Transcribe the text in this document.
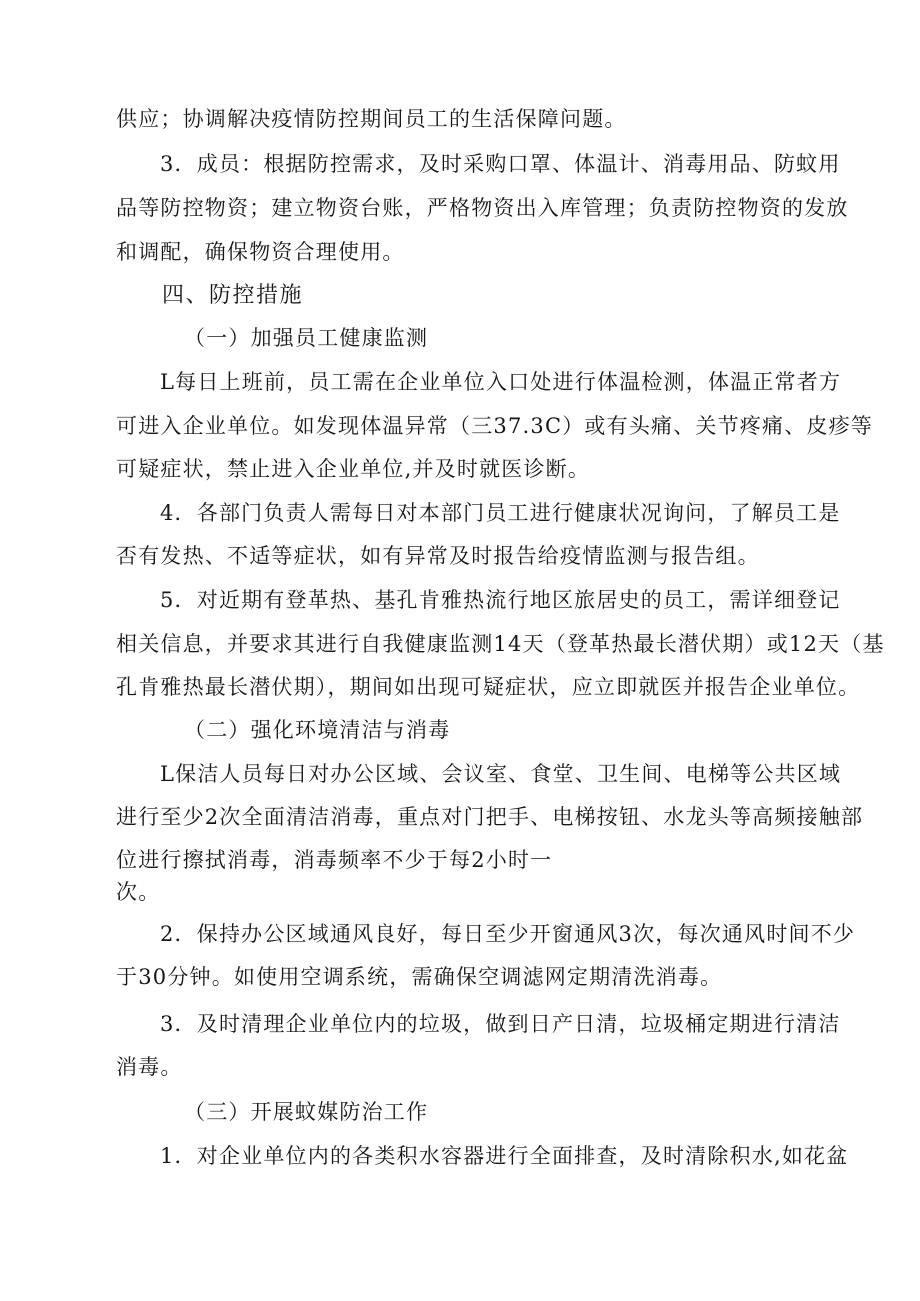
供应；协调解决疫情防控期间员工的生活保障问题。
3．成员：根据防控需求，及时采购口罩、体温计、消毒用品、防蚊用
品等防控物资；建立物资台账，严格物资出入库管理；负责防控物资的发放
和调配，确保物资合理使用。
四、防控措施
（一）加强员工健康监测
L每日上班前，员工需在企业单位入口处进行体温检测，体温正常者方
可进入企业单位。如发现体温异常（三37.3C）或有头痛、关节疼痛、皮疹等
可疑症状，禁止进入企业单位,并及时就医诊断。
4．各部门负责人需每日对本部门员工进行健康状况询问，了解员工是
否有发热、不适等症状，如有异常及时报告给疫情监测与报告组。
5．对近期有登革热、基孔肯雅热流行地区旅居史的员工，需详细登记
相关信息，并要求其进行自我健康监测14天（登革热最长潜伏期）或12天（基
孔肯雅热最长潜伏期），期间如出现可疑症状，应立即就医并报告企业单位。
（二）强化环境清洁与消毒
L保洁人员每日对办公区域、会议室、食堂、卫生间、电梯等公共区域
进行至少2次全面清洁消毒，重点对门把手、电梯按钮、水龙头等高频接触部
位进行擦拭消毒，消毒频率不少于每2小时一
次。
2．保持办公区域通风良好，每日至少开窗通风3次，每次通风时间不少
于30分钟。如使用空调系统，需确保空调滤网定期清洗消毒。
3．及时清理企业单位内的垃圾，做到日产日清，垃圾桶定期进行清洁
消毒。
（三）开展蚊媒防治工作
1．对企业单位内的各类积水容器进行全面排查，及时清除积水,如花盆
